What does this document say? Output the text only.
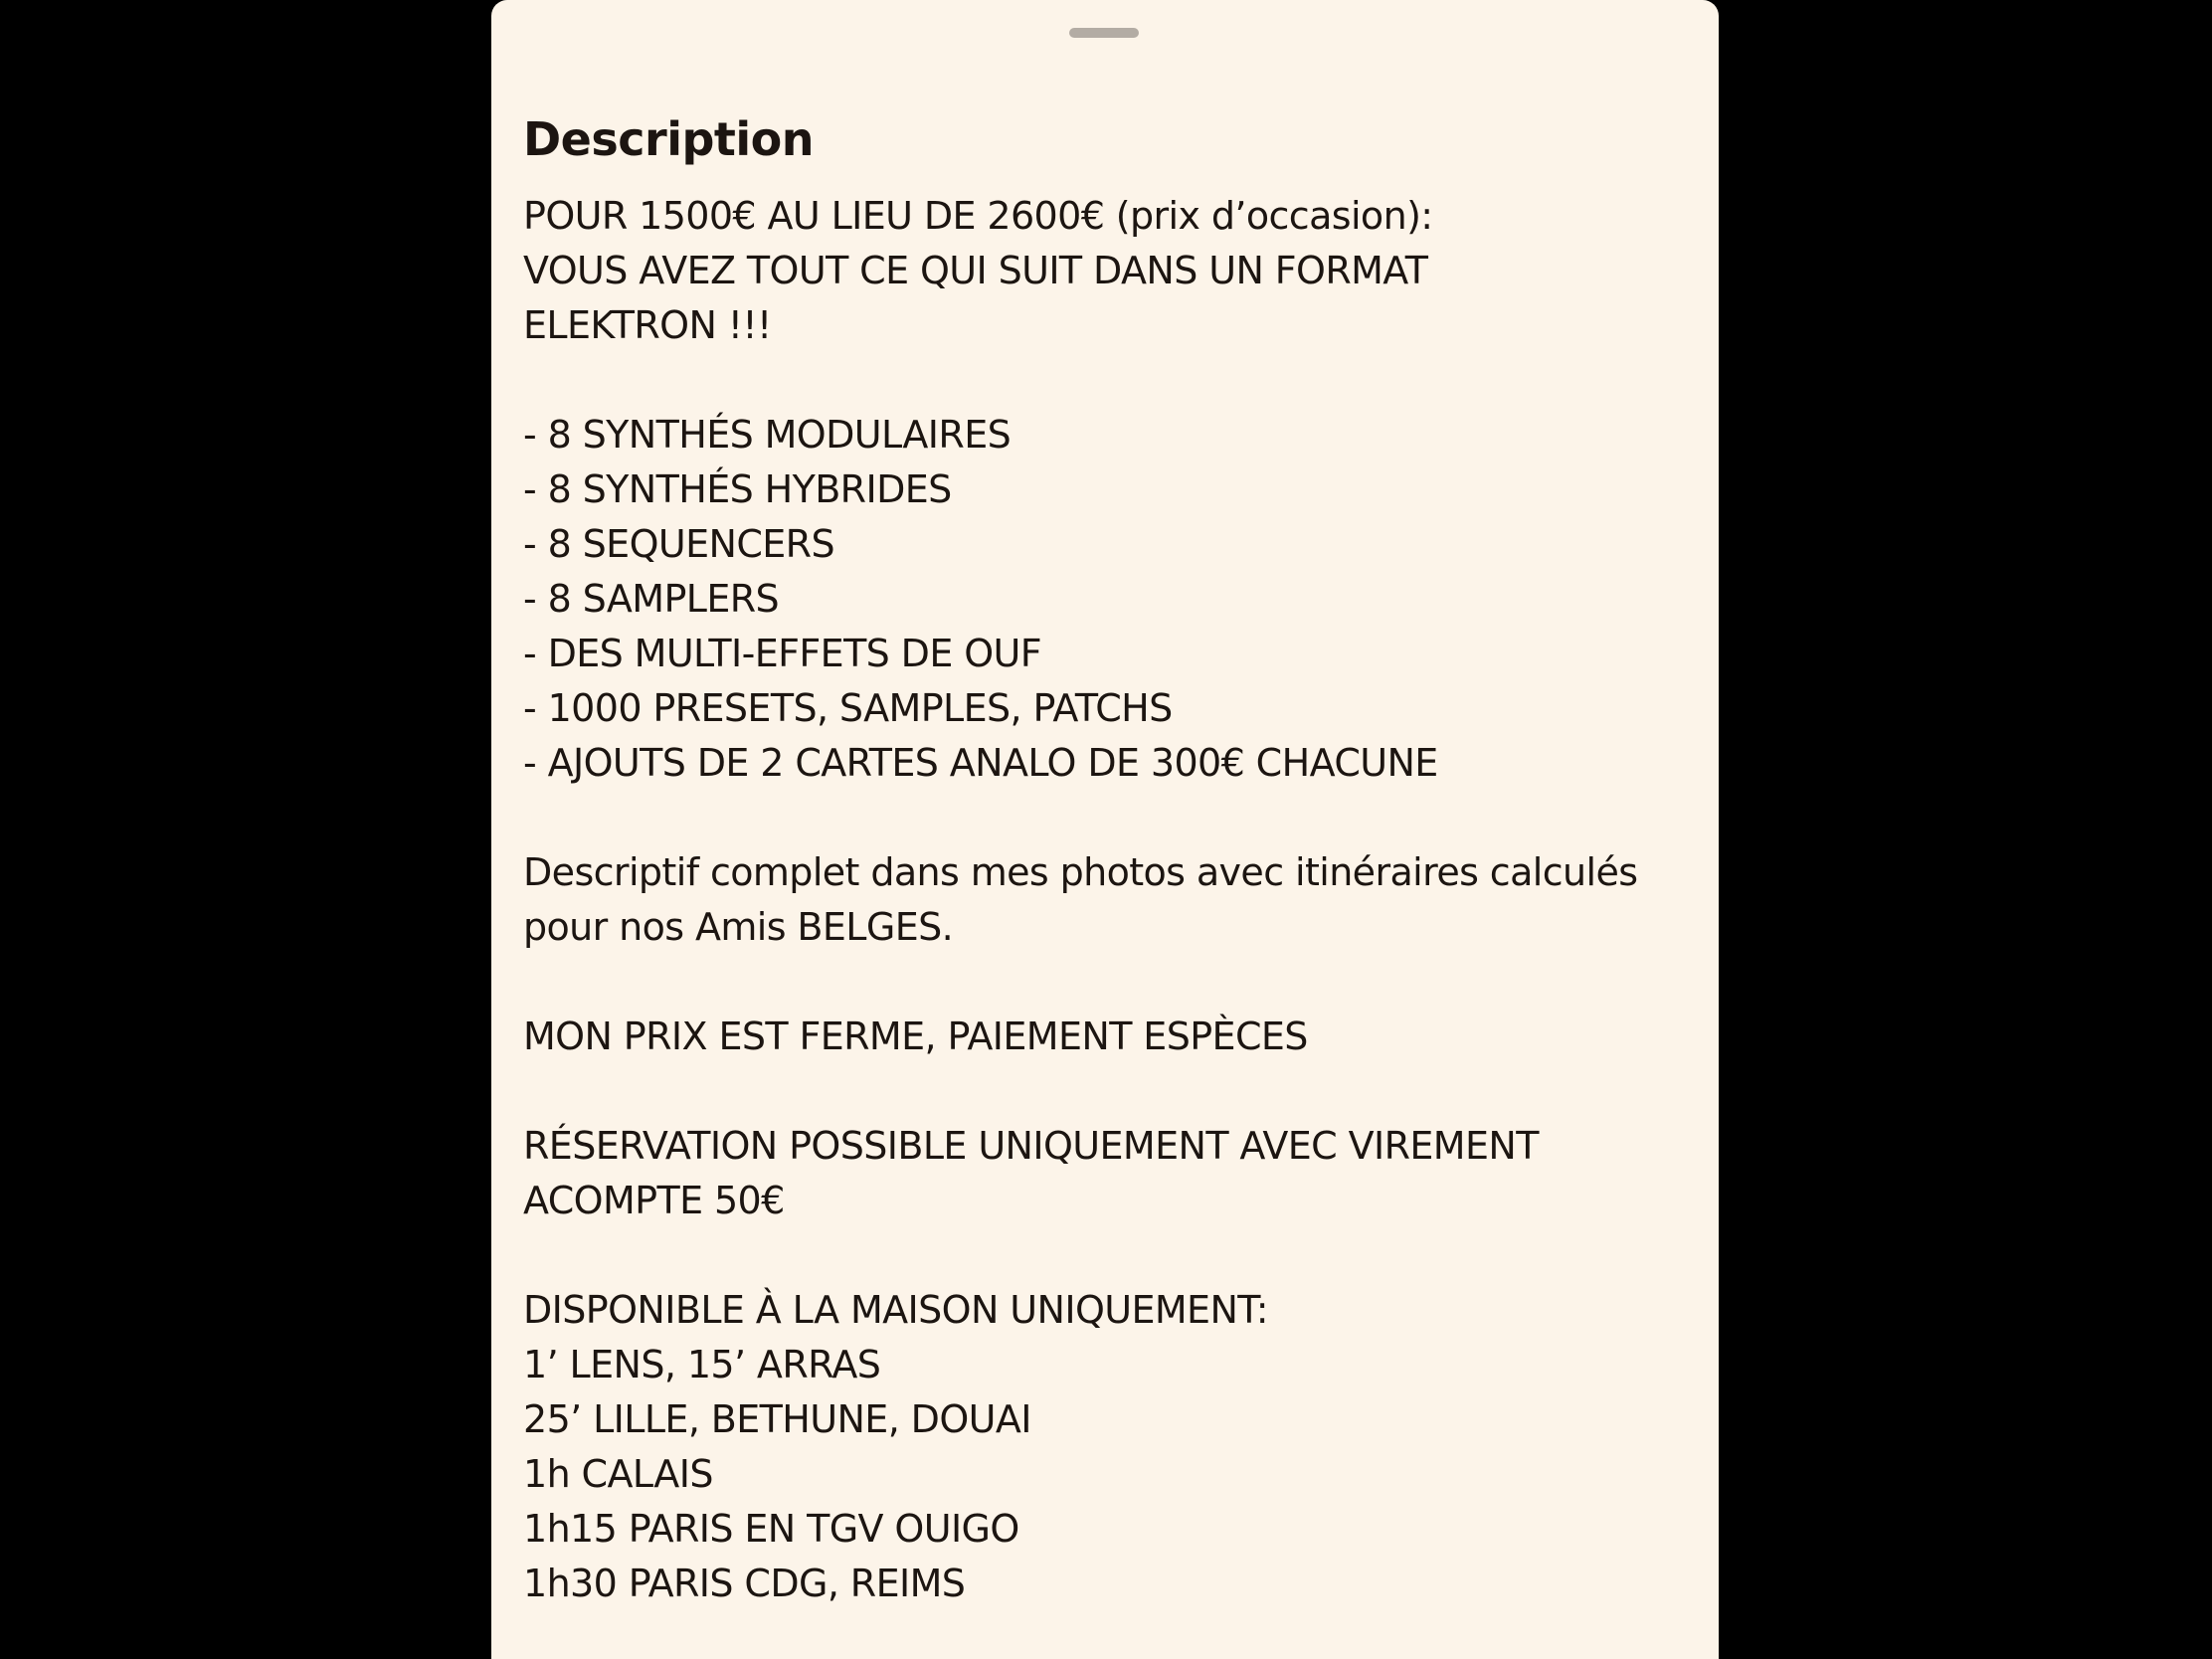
Description
POUR 1500€ AU LIEU DE 2600€ (prix d’occasion):
VOUS AVEZ TOUT CE QUI SUIT DANS UN FORMAT
ELEKTRON !!!
- 8 SYNTHÉS MODULAIRES
- 8 SYNTHÉS HYBRIDES
- 8 SEQUENCERS
- 8 SAMPLERS
- DES MULTI-EFFETS DE OUF
- 1000 PRESETS, SAMPLES, PATCHS
- AJOUTS DE 2 CARTES ANALO DE 300€ CHACUNE
Descriptif complet dans mes photos avec itinéraires calculés
pour nos Amis BELGES.
MON PRIX EST FERME, PAIEMENT ESPÈCES
RÉSERVATION POSSIBLE UNIQUEMENT AVEC VIREMENT
ACOMPTE 50€
DISPONIBLE À LA MAISON UNIQUEMENT:
1’ LENS, 15’ ARRAS
25’ LILLE, BETHUNE, DOUAI
1h CALAIS
1h15 PARIS EN TGV OUIGO
1h30 PARIS CDG, REIMS
